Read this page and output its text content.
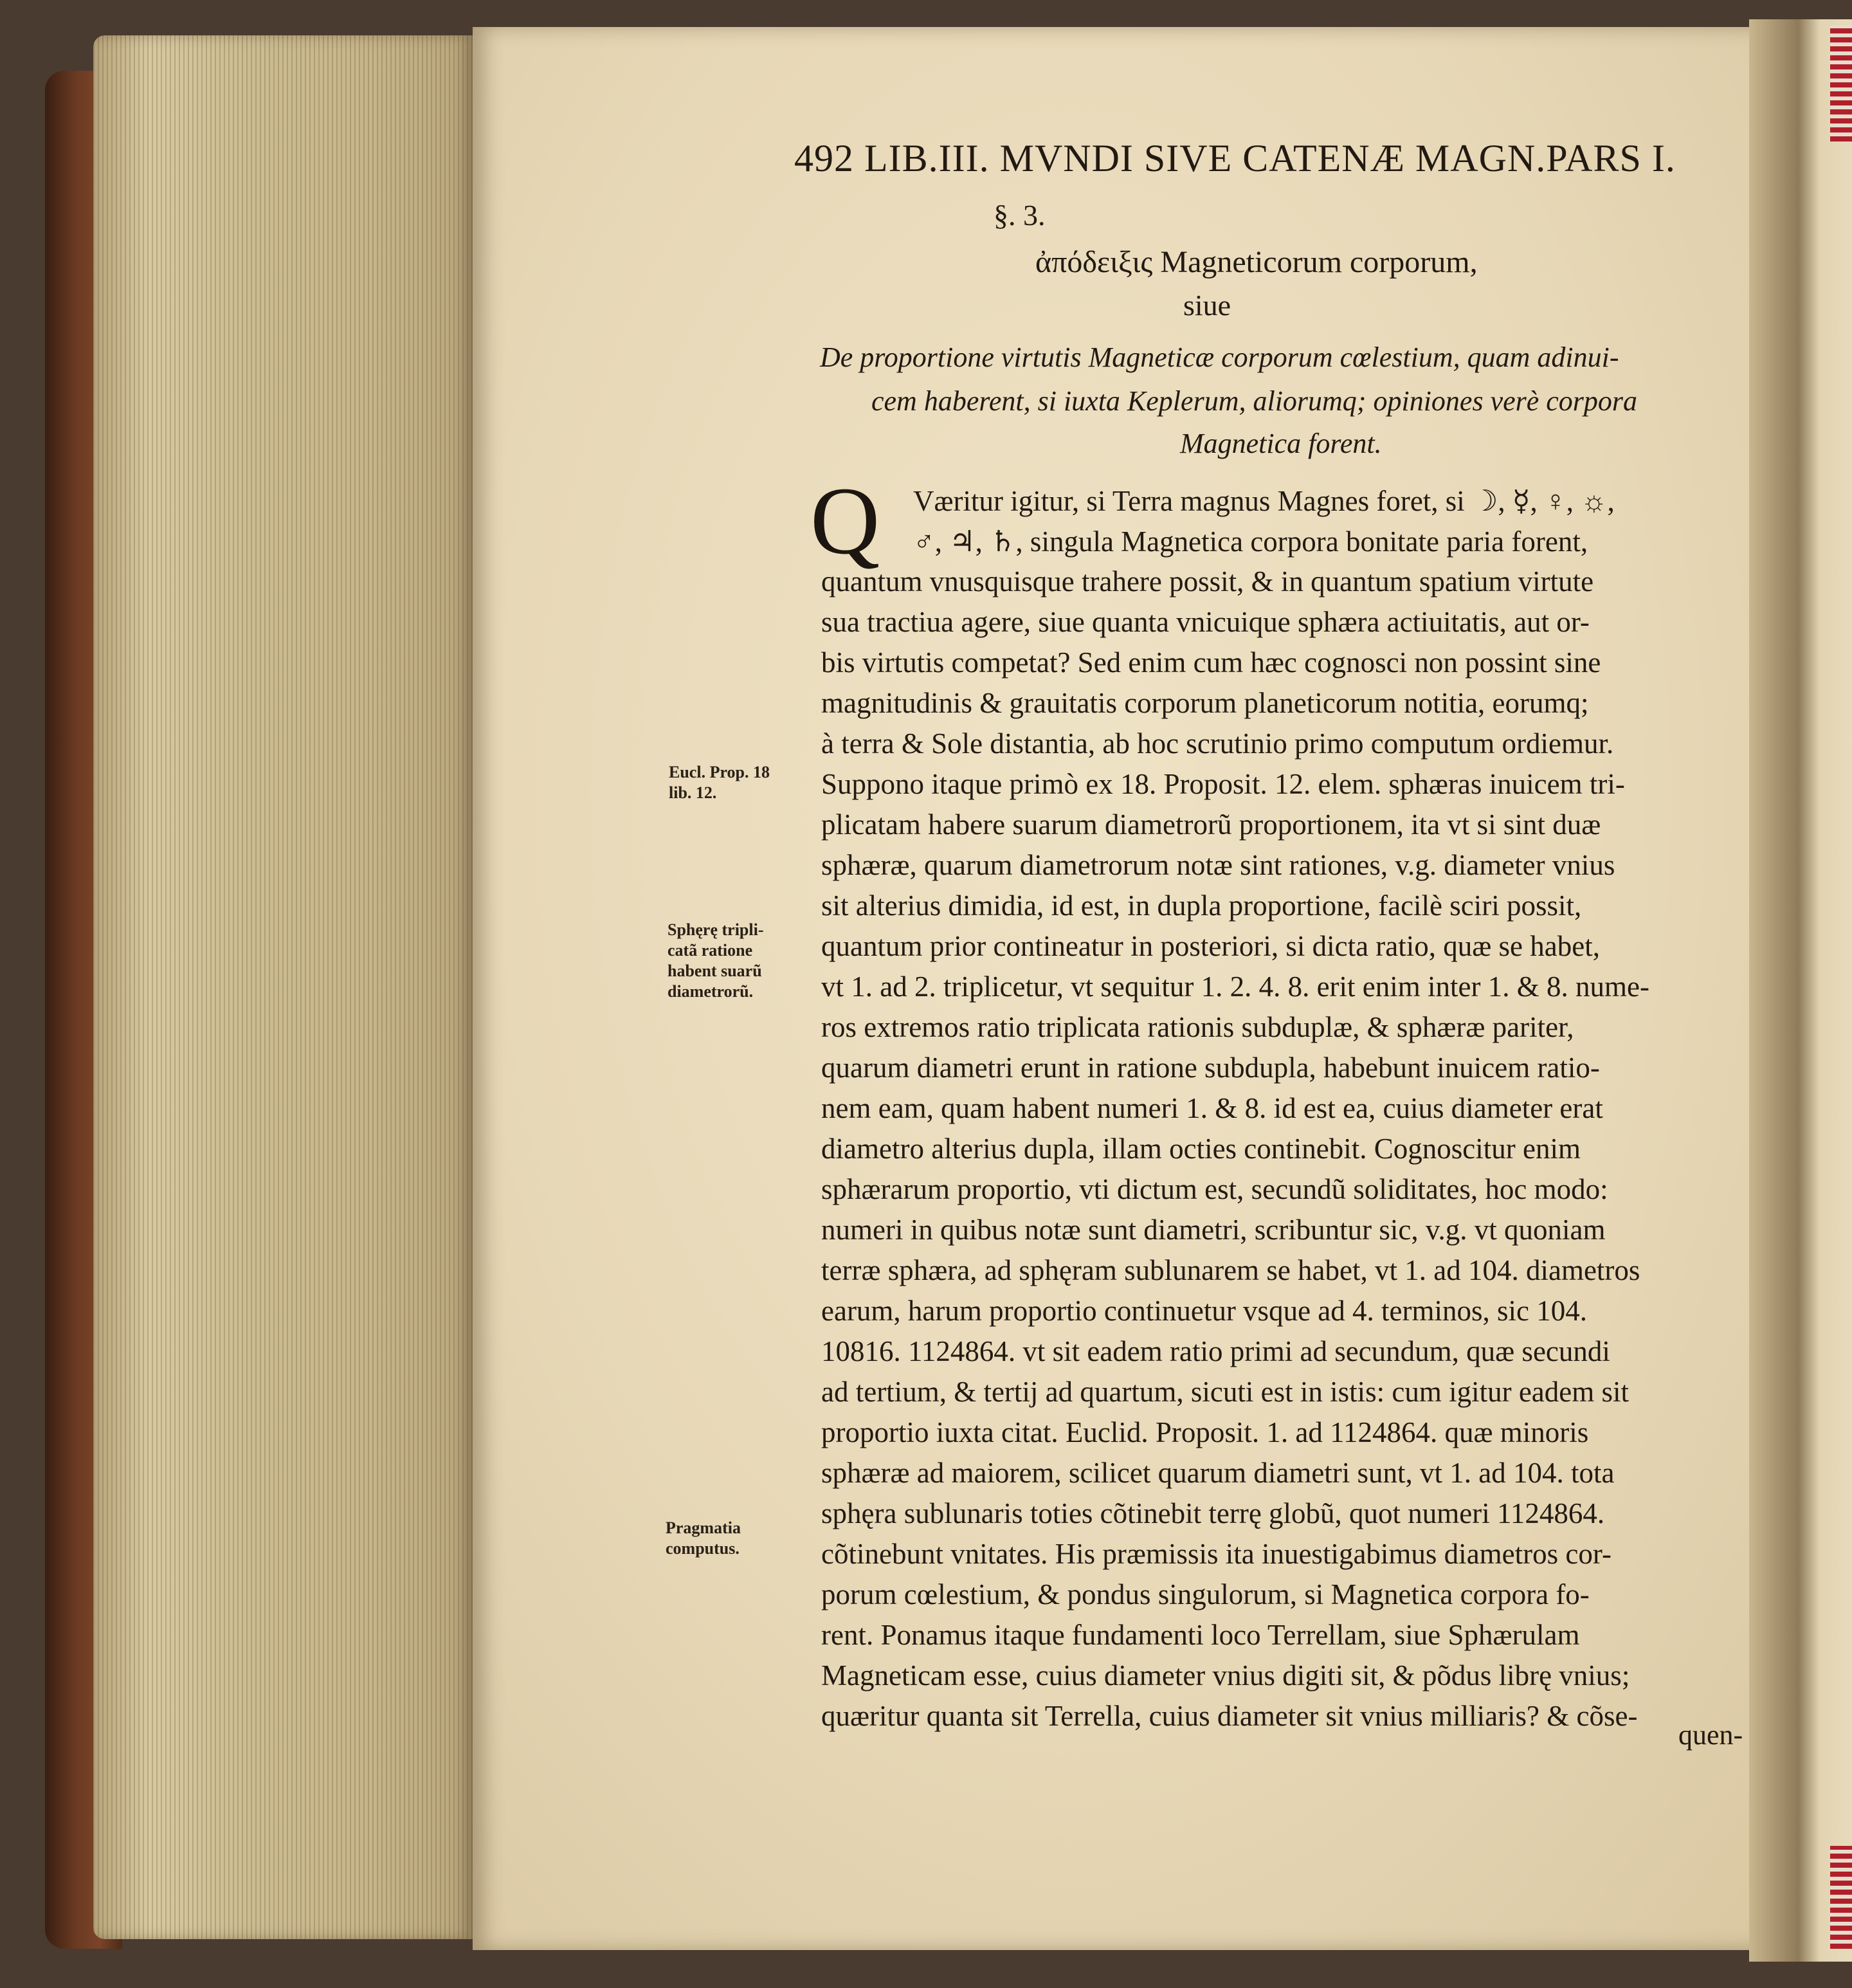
492 LIB.III. MVNDI SIVE CATENÆ MAGN.PARS I.
§. 3.
ἀπόδειξις Magneticorum corporum,
siue
De proportione virtutis Magneticæ corporum cœlestium, quam adinui-
cem haberent, si iuxta Keplerum, aliorumq; opiniones verè corpora
Magnetica forent.
Q	Væritur igitur, si Terra magnus Magnes foret, si ☽, ☿, ♀, ☼,
♂, ♃, ♄, singula Magnetica corpora bonitate paria forent,
quantum vnusquisque trahere possit, & in quantum spatium virtute
sua tractiua agere, siue quanta vnicuique sphæra actiuitatis, aut or-
bis virtutis competat? Sed enim cum hæc cognosci non possint sine
magnitudinis & grauitatis corporum planeticorum notitia, eorumq;
à terra & Sole distantia, ab hoc scrutinio primo computum ordiemur.
Suppono itaque primò ex 18. Proposit. 12. elem. sphæras inuicem tri-
plicatam habere suarum diametrorũ proportionem, ita vt si sint duæ
sphæræ, quarum diametrorum notæ sint rationes, v.g. diameter vnius
sit alterius dimidia, id est, in dupla proportione, facilè sciri possit,
quantum prior contineatur in posteriori, si dicta ratio, quæ se habet,
vt 1. ad 2. triplicetur, vt sequitur 1. 2. 4. 8. erit enim inter 1. & 8. nume-
ros extremos ratio triplicata rationis subduplæ, & sphæræ pariter,
quarum diametri erunt in ratione subdupla, habebunt inuicem ratio-
nem eam, quam habent numeri 1. & 8. id est ea, cuius diameter erat
diametro alterius dupla, illam octies continebit. Cognoscitur enim
sphærarum proportio, vti dictum est, secundũ soliditates, hoc modo:
numeri in quibus notæ sunt diametri, scribuntur sic, v.g. vt quoniam
terræ sphæra, ad sphęram sublunarem se habet, vt 1. ad 104. diametros
earum, harum proportio continuetur vsque ad 4. terminos, sic 104.
10816. 1124864. vt sit eadem ratio primi ad secundum, quæ secundi
ad tertium, & tertij ad quartum, sicuti est in istis: cum igitur eadem sit
proportio iuxta citat. Euclid. Proposit. 1. ad 1124864. quæ minoris
sphæræ ad maiorem, scilicet quarum diametri sunt, vt 1. ad 104. tota
sphęra sublunaris toties cõtinebit terrę globũ, quot numeri 1124864.
cõtinebunt vnitates. His præmissis ita inuestigabimus diametros cor-
porum cœlestium, & pondus singulorum, si Magnetica corpora fo-
rent. Ponamus itaque fundamenti loco Terrellam, siue Sphærulam
Magneticam esse, cuius diameter vnius digiti sit, & põdus librę vnius;
quæritur quanta sit Terrella, cuius diameter sit vnius milliaris? & cõse-
Eucl. Prop. 18
lib. 12.
Sphęrę tripli-
catã ratione
habent suarũ
diametrorũ.
Pragmatia
computus.
quen-
